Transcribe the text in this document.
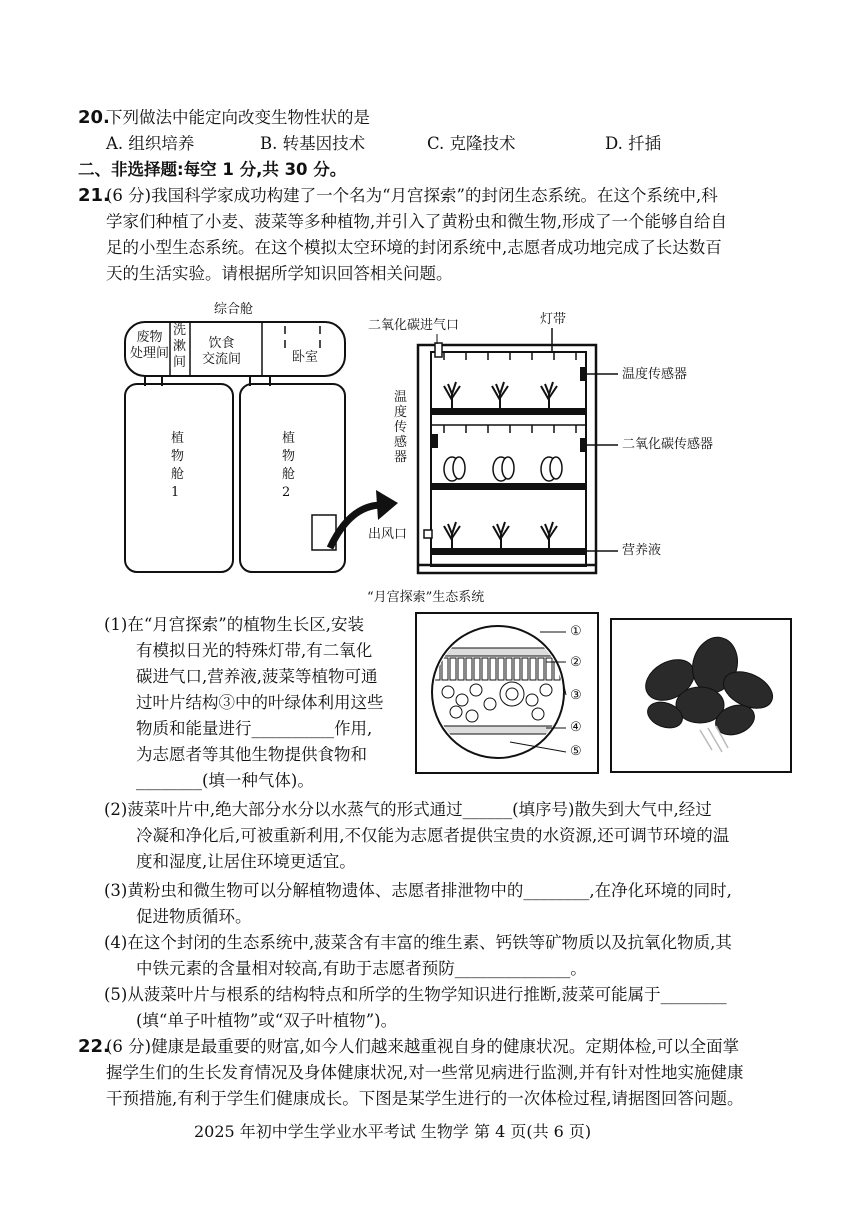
20.
下列做法中能定向改变生物性状的是
A. 组织培养	B. 转基因技术	C. 克隆技术	D. 扦插
二、非选择题:每空 1 分,共 30 分。
21.
(6 分)我国科学家成功构建了一个名为“月宫探索”的封闭生态系统。在这个系统中,科
学家们种植了小麦、菠菜等多种植物,并引入了黄粉虫和微生物,形成了一个能够自给自
足的小型生态系统。在这个模拟太空环境的封闭系统中,志愿者成功地完成了长达数百
天的生活实验。请根据所学知识回答相关问题。
综合舱
废物
处理间
洗
漱
间
饮食
交流间	卧室
植
物
舱
1
植
物
舱
2
二氧化碳进气口	灯带
温度传感器
温
度
传
感
器
二氧化碳传感器
出风口
营养液
“月宫探索”生态系统
①
②
③
④
⑤
(1)在“月宫探索”的植物生长区,安装
有模拟日光的特殊灯带,有二氧化
碳进气口,营养液,菠菜等植物可通
过叶片结构③中的叶绿体利用这些
物质和能量进行__________作用,
为志愿者等其他生物提供食物和
________(填一种气体)。
(2)菠菜叶片中,绝大部分水分以水蒸气的形式通过______(填序号)散失到大气中,经过
冷凝和净化后,可被重新利用,不仅能为志愿者提供宝贵的水资源,还可调节环境的温
度和湿度,让居住环境更适宜。
(3)黄粉虫和微生物可以分解植物遗体、志愿者排泄物中的________,在净化环境的同时,
促进物质循环。
(4)在这个封闭的生态系统中,菠菜含有丰富的维生素、钙铁等矿物质以及抗氧化物质,其
中铁元素的含量相对较高,有助于志愿者预防______________。
(5)从菠菜叶片与根系的结构特点和所学的生物学知识进行推断,菠菜可能属于________
(填“单子叶植物”或“双子叶植物”)。
22.
(6 分)健康是最重要的财富,如今人们越来越重视自身的健康状况。定期体检,可以全面掌
握学生们的生长发育情况及身体健康状况,对一些常见病进行监测,并有针对性地实施健康
干预措施,有利于学生们健康成长。下图是某学生进行的一次体检过程,请据图回答问题。
2025 年初中学生学业水平考试 生物学 第 4 页(共 6 页)
